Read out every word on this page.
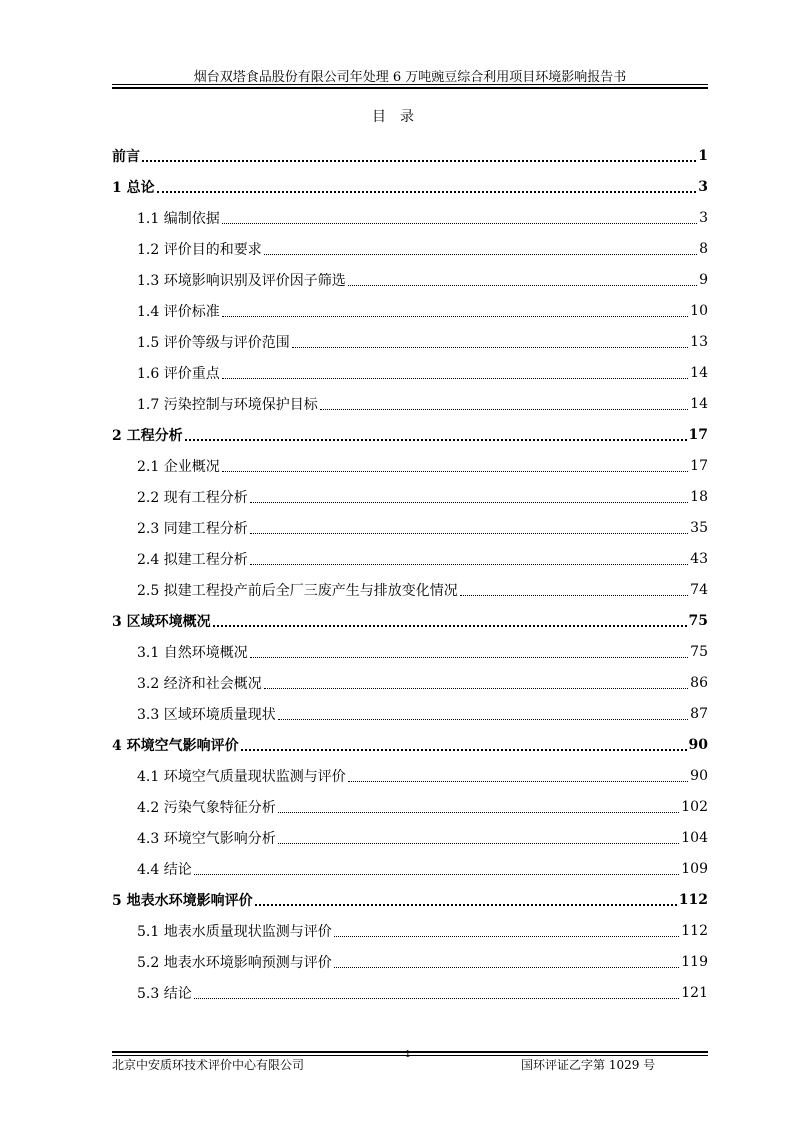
烟台双塔食品股份有限公司年处理 6 万吨豌豆综合利用项目环境影响报告书
目录
前言	1
1 总论	3
1.1 编制依据	3
1.2 评价目的和要求	8
1.3 环境影响识别及评价因子筛选	9
1.4 评价标准	10
1.5 评价等级与评价范围	13
1.6 评价重点	14
1.7 污染控制与环境保护目标	14
2 工程分析	17
2.1 企业概况	17
2.2 现有工程分析	18
2.3 同建工程分析	35
2.4 拟建工程分析	43
2.5 拟建工程投产前后全厂三废产生与排放变化情况	74
3 区域环境概况	75
3.1 自然环境概况	75
3.2 经济和社会概况	86
3.3 区域环境质量现状	87
4 环境空气影响评价	90
4.1 环境空气质量现状监测与评价	90
4.2 污染气象特征分析	102
4.3 环境空气影响分析	104
4.4 结论	109
5 地表水环境影响评价	112
5.1 地表水质量现状监测与评价	112
5.2 地表水环境影响预测与评价	119
5.3 结论	121
北京中安质环技术评价中心有限公司
1
国环评证乙字第 1029 号
